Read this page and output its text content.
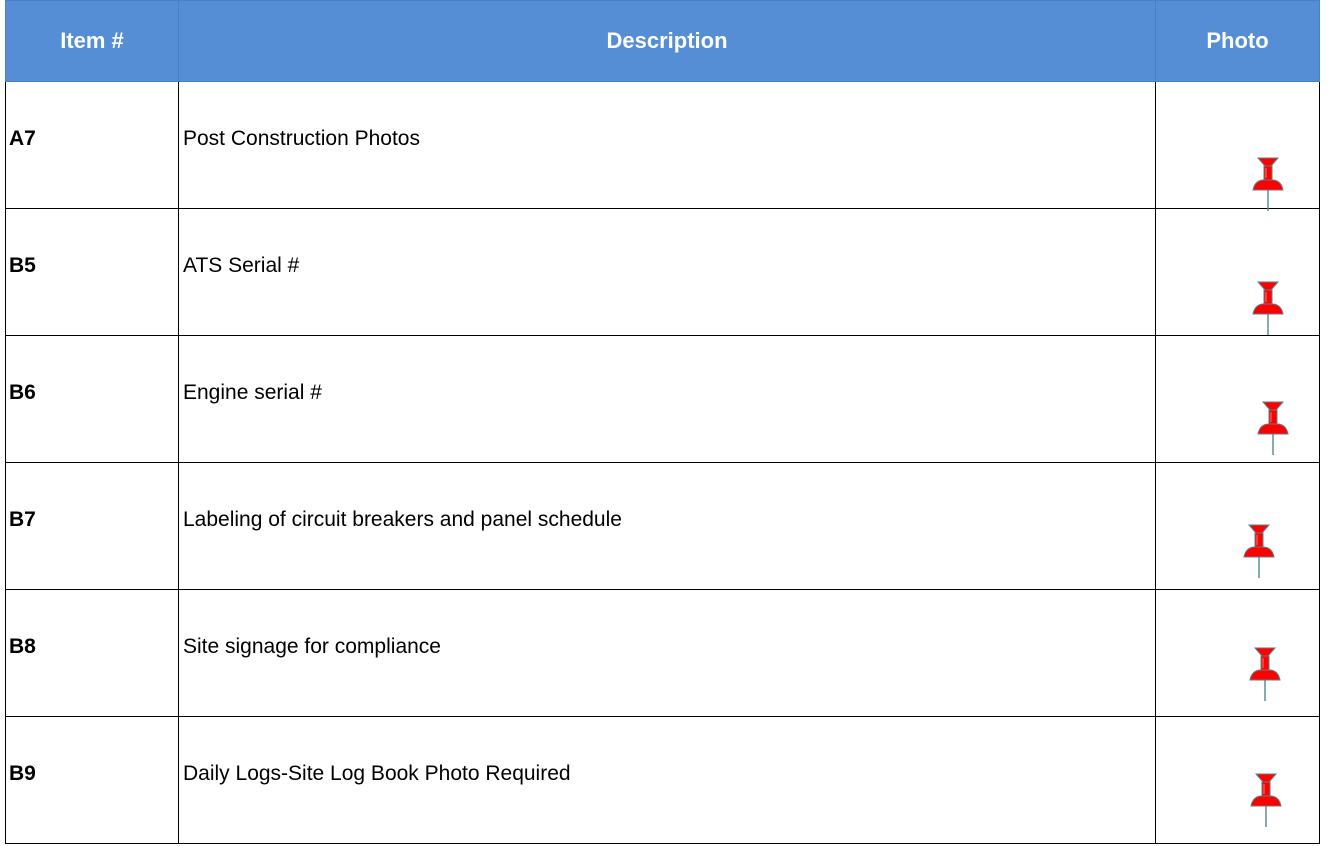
Item #	Description	Photo
A7	Post Construction Photos	

B5	ATS Serial #	

B6	Engine serial #	

B7	Labeling of circuit breakers and panel schedule	

B8	Site signage for compliance	

B9	Daily Logs-Site Log Book Photo Required	
